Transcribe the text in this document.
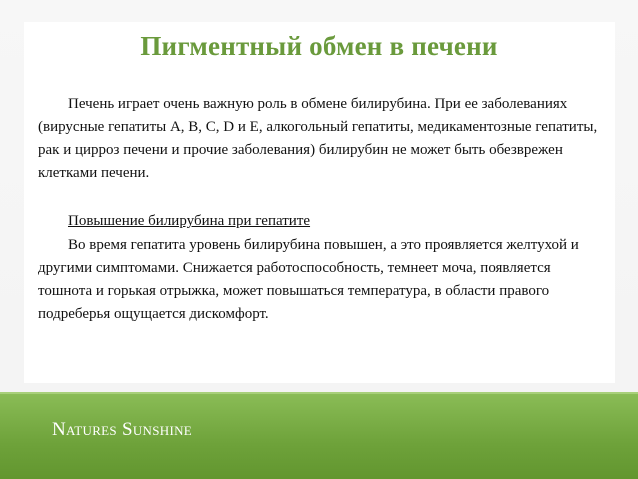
Пигментный обмен в печени

Печень играет очень важную роль в обмене билирубина. При ее заболеваниях (вирусные гепатиты А, В, С, D и Е, алкогольный гепатиты, медикаментозные гепатиты, рак и цирроз печени и прочие заболевания) билирубин не может быть обезврежен клетками печени.

Повышение билирубина при гепатите

Во время гепатита уровень билирубина повышен, а это проявляется желтухой и другими симптомами. Снижается работоспособность, темнеет моча, появляется тошнота и горькая отрыжка, может повышаться температура, в области правого подреберья ощущается дискомфорт.

Natures Sunshine
